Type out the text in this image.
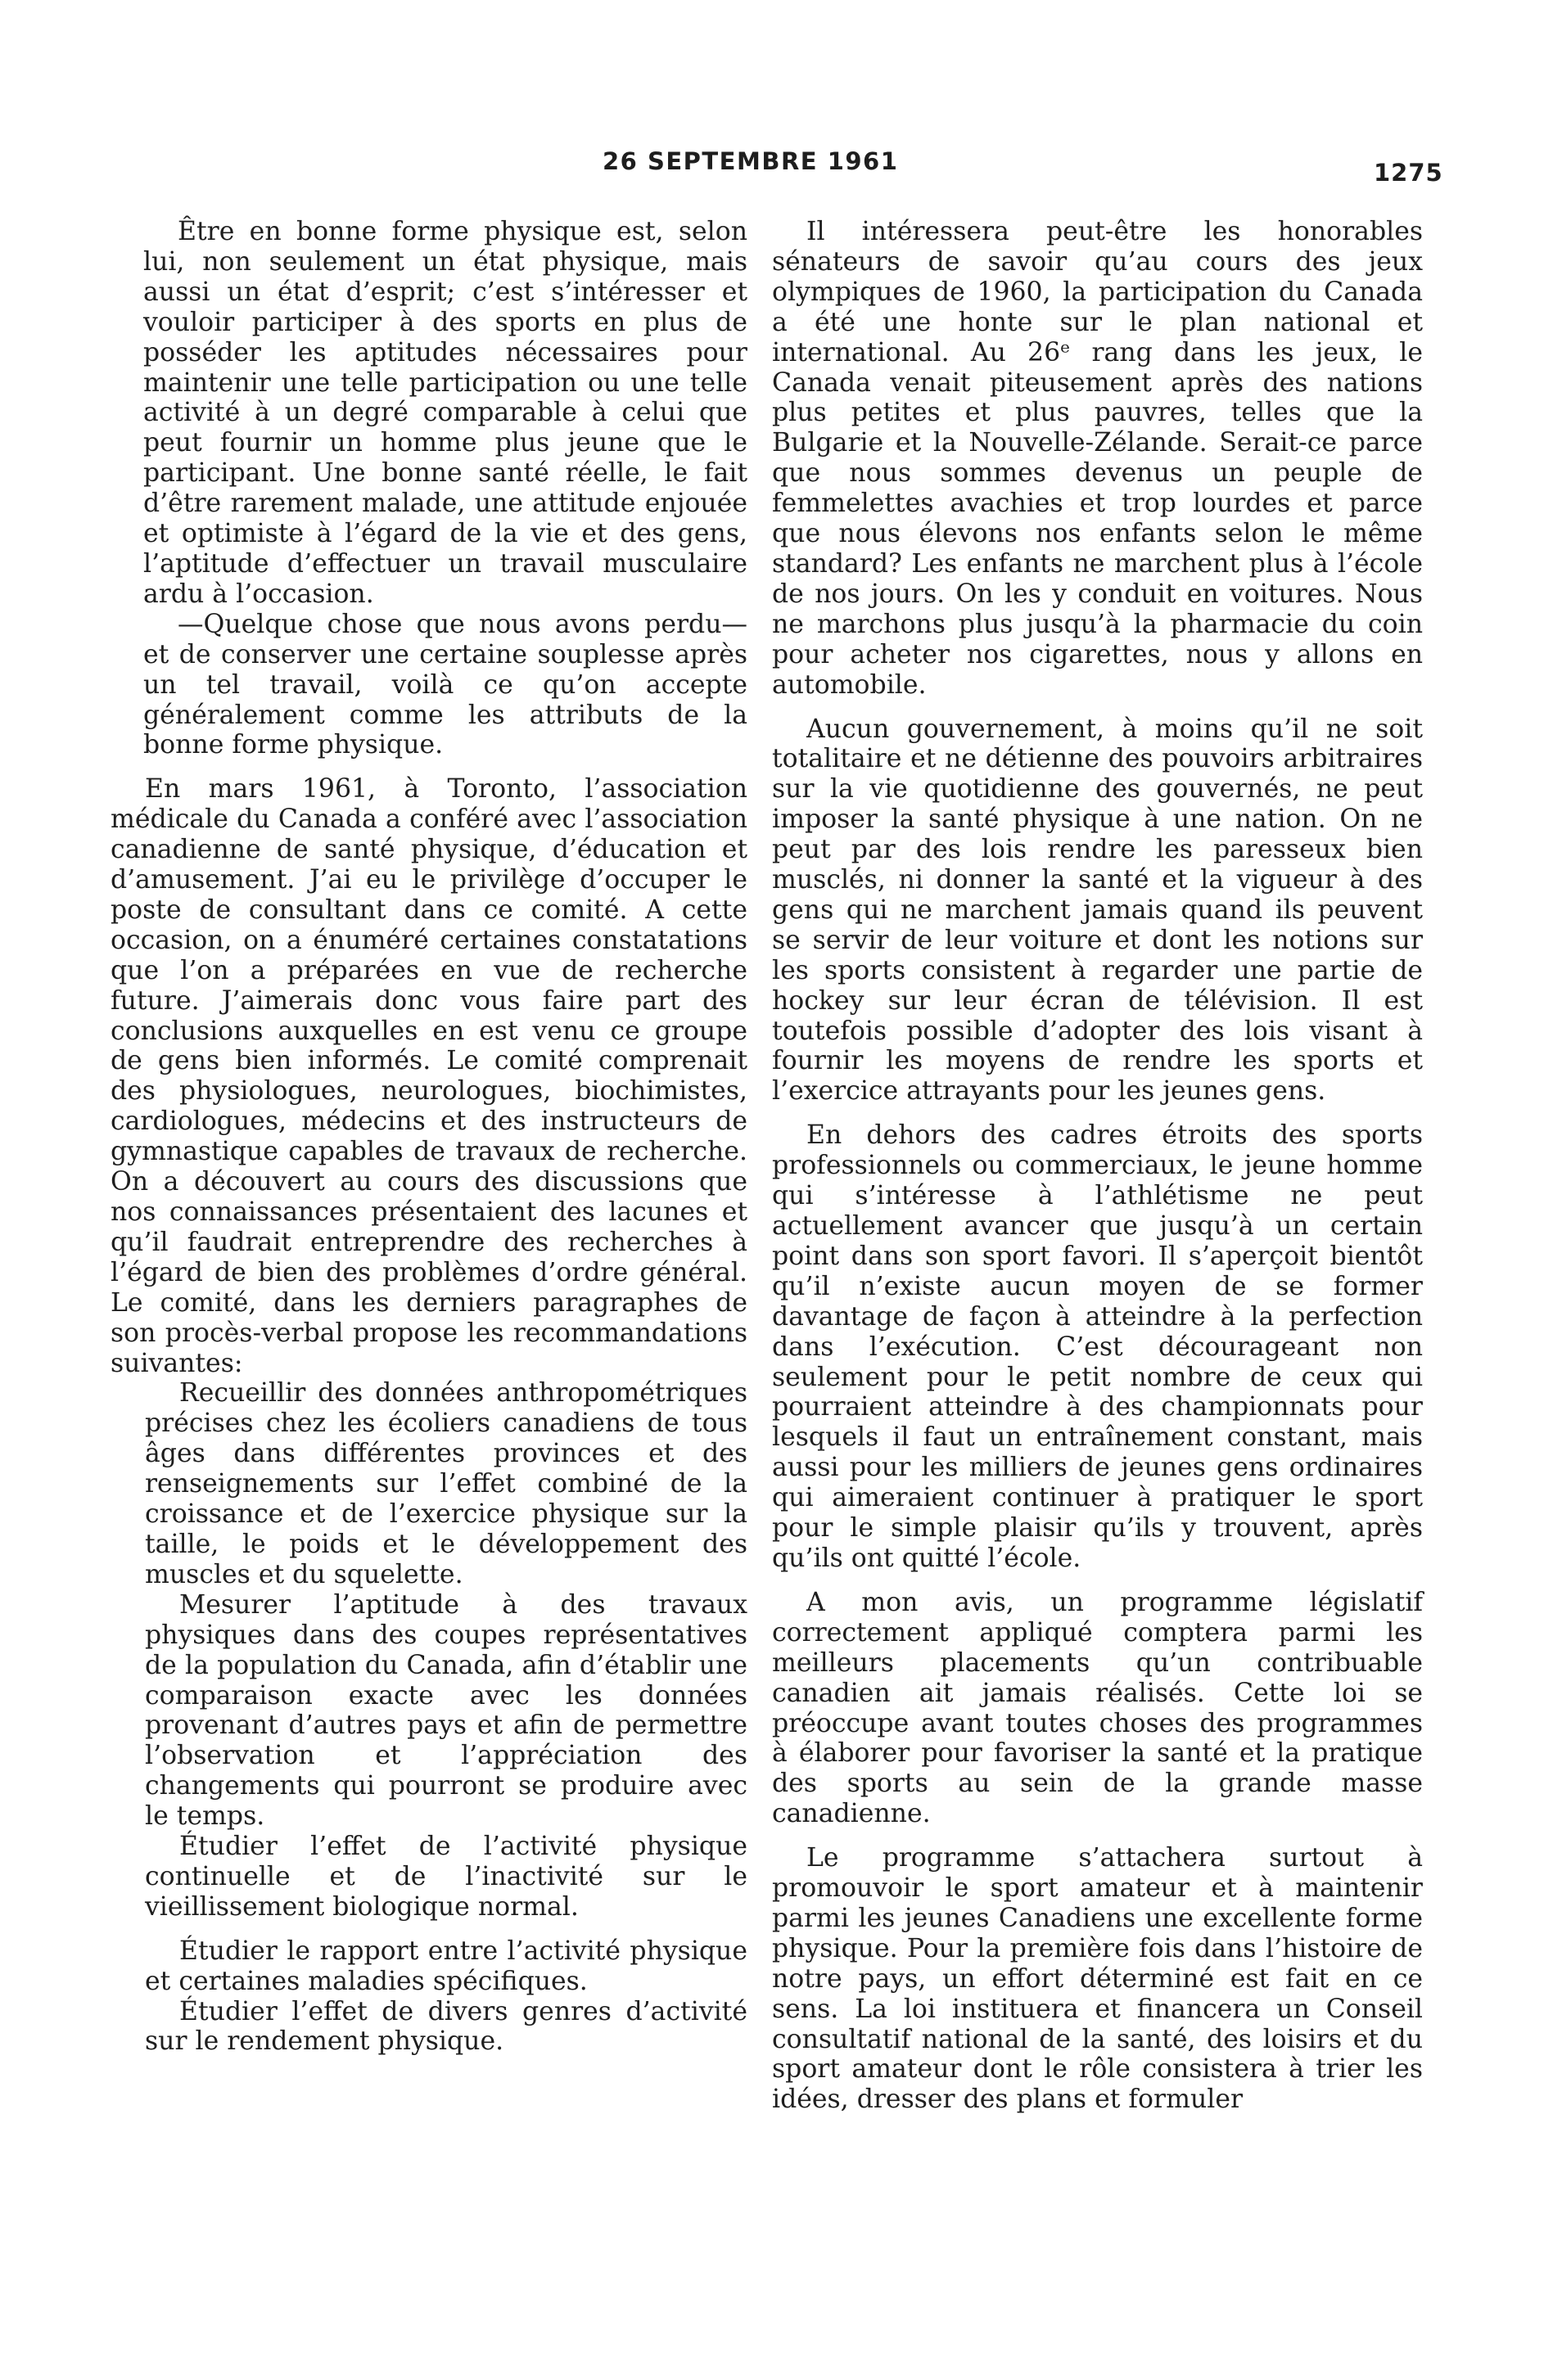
26 SEPTEMBRE 1961	1275

Être en bonne forme physique est, selon lui, non seulement un état physique, mais aussi un état d’esprit; c’est s’intéresser et vouloir participer à des sports en plus de posséder les aptitudes nécessaires pour maintenir une telle participation ou une telle activité à un degré comparable à celui que peut fournir un homme plus jeune que le participant. Une bonne santé réelle, le fait d’être rarement malade, une attitude enjouée et optimiste à l’égard de la vie et des gens, l’aptitude d’effectuer un travail musculaire ardu à l’occasion.

—Quelque chose que nous avons perdu— et de conserver une certaine souplesse après un tel travail, voilà ce qu’on accepte généralement comme les attributs de la bonne forme physique.

En mars 1961, à Toronto, l’association médicale du Canada a conféré avec l’association canadienne de santé physique, d’éducation et d’amusement. J’ai eu le privilège d’occuper le poste de consultant dans ce comité. A cette occasion, on a énuméré certaines constatations que l’on a préparées en vue de recherche future. J’aimerais donc vous faire part des conclusions auxquelles en est venu ce groupe de gens bien informés. Le comité comprenait des physiologues, neurologues, biochimistes, cardiologues, médecins et des instructeurs de gymnastique capables de travaux de recherche. On a découvert au cours des discussions que nos connaissances présentaient des lacunes et qu’il faudrait entreprendre des recherches à l’égard de bien des problèmes d’ordre général. Le comité, dans les derniers paragraphes de son procès-verbal propose les recommandations suivantes:

Recueillir des données anthropométriques précises chez les écoliers canadiens de tous âges dans différentes provinces et des renseignements sur l’effet combiné de la croissance et de l’exercice physique sur la taille, le poids et le développement des muscles et du squelette.

Mesurer l’aptitude à des travaux physiques dans des coupes représentatives de la population du Canada, afin d’établir une comparaison exacte avec les données provenant d’autres pays et afin de permettre l’observation et l’appréciation des changements qui pourront se produire avec le temps.

Étudier l’effet de l’activité physique continuelle et de l’inactivité sur le vieillissement biologique normal.

Étudier le rapport entre l’activité physique et certaines maladies spécifiques.

Étudier l’effet de divers genres d’activité sur le rendement physique.

Il intéressera peut-être les honorables sénateurs de savoir qu’au cours des jeux olympiques de 1960, la participation du Canada a été une honte sur le plan national et international. Au 26ᵉ rang dans les jeux, le Canada venait piteusement après des nations plus petites et plus pauvres, telles que la Bulgarie et la Nouvelle-Zélande. Serait-ce parce que nous sommes devenus un peuple de femmelettes avachies et trop lourdes et parce que nous élevons nos enfants selon le même standard? Les enfants ne marchent plus à l’école de nos jours. On les y conduit en voitures. Nous ne marchons plus jusqu’à la pharmacie du coin pour acheter nos cigarettes, nous y allons en automobile.

Aucun gouvernement, à moins qu’il ne soit totalitaire et ne détienne des pouvoirs arbitraires sur la vie quotidienne des gouvernés, ne peut imposer la santé physique à une nation. On ne peut par des lois rendre les paresseux bien musclés, ni donner la santé et la vigueur à des gens qui ne marchent jamais quand ils peuvent se servir de leur voiture et dont les notions sur les sports consistent à regarder une partie de hockey sur leur écran de télévision. Il est toutefois possible d’adopter des lois visant à fournir les moyens de rendre les sports et l’exercice attrayants pour les jeunes gens.

En dehors des cadres étroits des sports professionnels ou commerciaux, le jeune homme qui s’intéresse à l’athlétisme ne peut actuellement avancer que jusqu’à un certain point dans son sport favori. Il s’aperçoit bientôt qu’il n’existe aucun moyen de se former davantage de façon à atteindre à la perfection dans l’exécution. C’est décourageant non seulement pour le petit nombre de ceux qui pourraient atteindre à des championnats pour lesquels il faut un entraînement constant, mais aussi pour les milliers de jeunes gens ordinaires qui aimeraient continuer à pratiquer le sport pour le simple plaisir qu’ils y trouvent, après qu’ils ont quitté l’école.

A mon avis, un programme législatif correctement appliqué comptera parmi les meilleurs placements qu’un contribuable canadien ait jamais réalisés. Cette loi se préoccupe avant toutes choses des programmes à élaborer pour favoriser la santé et la pratique des sports au sein de la grande masse canadienne.

Le programme s’attachera surtout à promouvoir le sport amateur et à maintenir parmi les jeunes Canadiens une excellente forme physique. Pour la première fois dans l’histoire de notre pays, un effort déterminé est fait en ce sens. La loi instituera et financera un Conseil consultatif national de la santé, des loisirs et du sport amateur dont le rôle consistera à trier les idées, dresser des plans et formuler
